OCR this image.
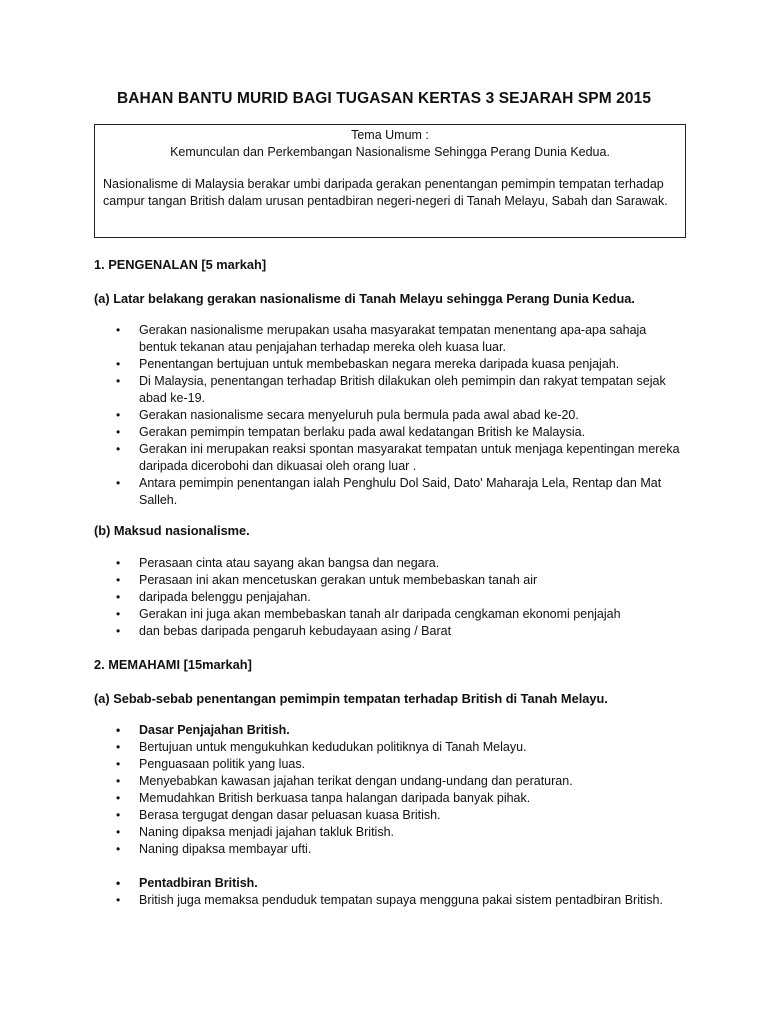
BAHAN BANTU MURID BAGI TUGASAN KERTAS 3 SEJARAH SPM 2015
Tema Umum :
Kemunculan dan Perkembangan Nasionalisme Sehingga Perang Dunia Kedua.
Nasionalisme di Malaysia berakar umbi daripada gerakan penentangan pemimpin tempatan terhadap campur tangan British dalam urusan pentadbiran negeri-negeri di Tanah Melayu, Sabah dan Sarawak.
1. PENGENALAN [5 markah]
(a) Latar belakang gerakan nasionalisme di Tanah Melayu sehingga Perang Dunia Kedua.
• Gerakan nasionalisme merupakan usaha masyarakat tempatan menentang apa-apa sahaja bentuk tekanan atau penjajahan terhadap mereka oleh kuasa luar.
• Penentangan bertujuan untuk membebaskan negara mereka daripada kuasa penjajah.
• Di Malaysia, penentangan terhadap British dilakukan oleh pemimpin dan rakyat tempatan sejak abad ke-19.
• Gerakan nasionalisme secara menyeluruh pula bermula pada awal abad ke-20.
• Gerakan pemimpin tempatan berlaku pada awal kedatangan British ke Malaysia.
• Gerakan ini merupakan reaksi spontan masyarakat tempatan untuk menjaga kepentingan mereka daripada dicerobohi dan dikuasai oleh orang luar .
• Antara pemimpin penentangan ialah Penghulu Dol Said, Dato' Maharaja Lela, Rentap dan Mat Salleh.
(b) Maksud nasionalisme.
• Perasaan cinta atau sayang akan bangsa dan negara.
• Perasaan ini akan mencetuskan gerakan untuk membebaskan tanah air
• daripada belenggu penjajahan.
• Gerakan ini juga akan membebaskan tanah aIr daripada cengkaman ekonomi penjajah
• dan bebas daripada pengaruh kebudayaan asing / Barat
2. MEMAHAMI [15markah]
(a) Sebab-sebab penentangan pemimpin tempatan terhadap British di Tanah Melayu.
• Dasar Penjajahan British.
• Bertujuan untuk mengukuhkan kedudukan politiknya di Tanah Melayu.
• Penguasaan politik yang luas.
• Menyebabkan kawasan jajahan terikat dengan undang-undang dan peraturan.
• Memudahkan British berkuasa tanpa halangan daripada banyak pihak.
• Berasa tergugat dengan dasar peluasan kuasa British.
• Naning dipaksa menjadi jajahan takluk British.
• Naning dipaksa membayar ufti.
• Pentadbiran British.
• British juga memaksa penduduk tempatan supaya mengguna pakai sistem pentadbiran British.
